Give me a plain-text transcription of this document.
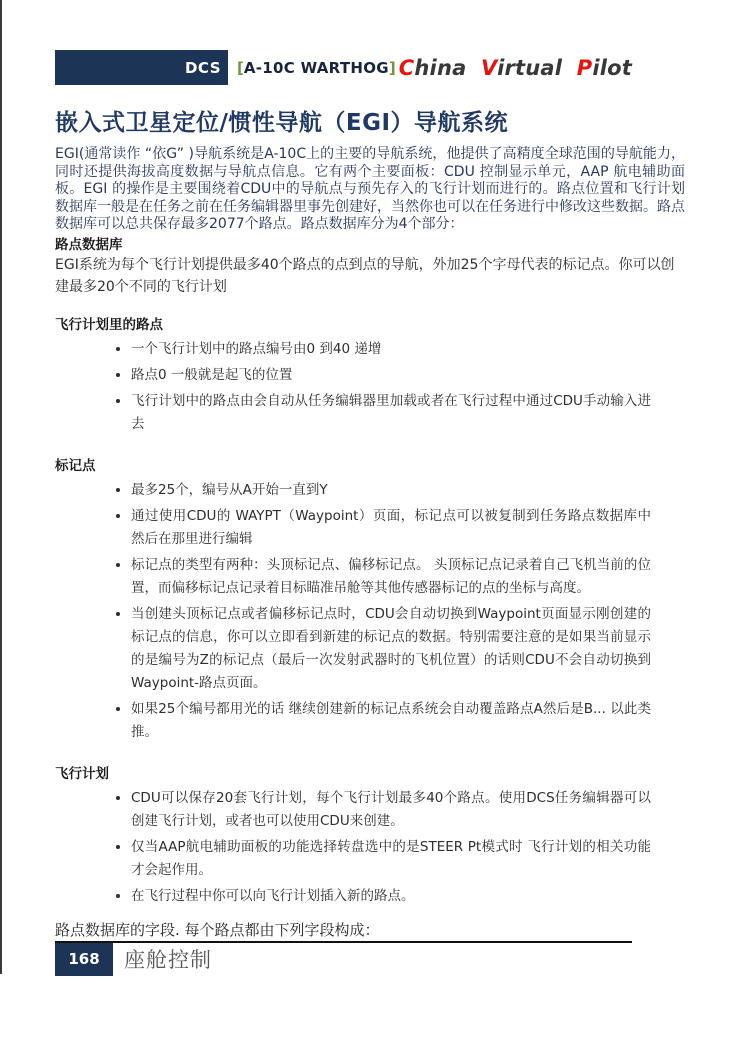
DCS [A-10C WARTHOG] China Virtual Pilot
嵌入式卫星定位/惯性导航（EGI）导航系统

EGI(通常读作 “依G” )导航系统是A-10C上的主要的导航系统，他提供了高精度全球范围的导航能力，同时还提供海拔高度数据与导航点信息。它有两个主要面板：CDU 控制显示单元，AAP 航电辅助面板。EGI 的操作是主要围绕着CDU中的导航点与预先存入的飞行计划而进行的。路点位置和飞行计划数据库一般是在任务之前在任务编辑器里事先创建好，当然你也可以在任务进行中修改这些数据。路点数据库可以总共保存最多2077个路点。路点数据库分为4个部分：

路点数据库

EGI系统为每个飞行计划提供最多40个路点的点到点的导航，外加25个字母代表的标记点。你可以创建最多20个不同的飞行计划

飞行计划里的路点
• 一个飞行计划中的路点编号由0 到40 递增
• 路点0 一般就是起飞的位置
• 飞行计划中的路点由会自动从任务编辑器里加载或者在飞行过程中通过CDU手动输入进去
标记点
• 最多25个，编号从A开始一直到Y
• 通过使用CDU的 WAYPT（Waypoint）页面，标记点可以被复制到任务路点数据库中然后在那里进行编辑
• 标记点的类型有两种：头顶标记点、偏移标记点。 头顶标记点记录着自己飞机当前的位置，而偏移标记点记录着目标瞄准吊舱等其他传感器标记的点的坐标与高度。
• 当创建头顶标记点或者偏移标记点时，CDU会自动切换到Waypoint页面显示刚创建的标记点的信息，你可以立即看到新建的标记点的数据。特别需要注意的是如果当前显示的是编号为Z的标记点（最后一次发射武器时的飞机位置）的话则CDU不会自动切换到Waypoint-路点页面。
• 如果25个编号都用光的话 继续创建新的标记点系统会自动覆盖路点A然后是B... 以此类推。
飞行计划
• CDU可以保存20套飞行计划，每个飞行计划最多40个路点。使用DCS任务编辑器可以创建飞行计划，或者也可以使用CDU来创建。
• 仅当AAP航电辅助面板的功能选择转盘选中的是STEER Pt模式时 飞行计划的相关功能才会起作用。
• 在飞行过程中你可以向飞行计划插入新的路点。

路点数据库的字段. 每个路点都由下列字段构成：

168 座舱控制
